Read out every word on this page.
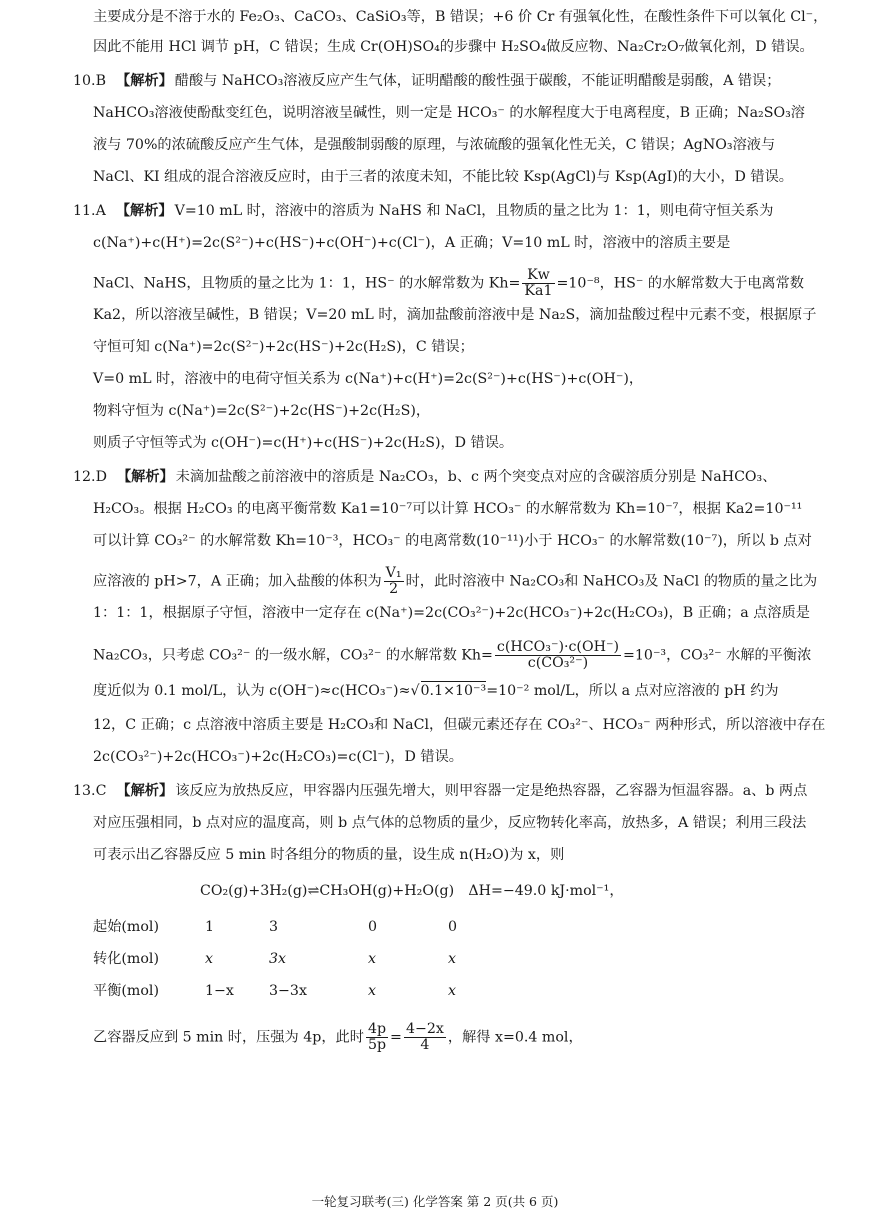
主要成分是不溶于水的 Fe₂O₃、CaCO₃、CaSiO₃等，B 错误；+6 价 Cr 有强氧化性，在酸性条件下可以氧化 Cl⁻，
因此不能用 HCl 调节 pH，C 错误；生成 Cr(OH)SO₄的步骤中 H₂SO₄做反应物、Na₂Cr₂O₇做氧化剂，D 错误。
10.B 【解析】 醋酸与 NaHCO₃溶液反应产生气体，证明醋酸的酸性强于碳酸，不能证明醋酸是弱酸，A 错误；
NaHCO₃溶液使酚酞变红色，说明溶液呈碱性，则一定是 HCO₃⁻ 的水解程度大于电离程度，B 正确；Na₂SO₃溶
液与 70%的浓硫酸反应产生气体，是强酸制弱酸的原理，与浓硫酸的强氧化性无关，C 错误；AgNO₃溶液与
NaCl、KI 组成的混合溶液反应时，由于三者的浓度未知，不能比较 Ksp(AgCl)与 Ksp(AgI)的大小，D 错误。
11.A 【解析】 V=10 mL 时，溶液中的溶质为 NaHS 和 NaCl，且物质的量之比为 1：1，则电荷守恒关系为
c(Na⁺)+c(H⁺)=2c(S²⁻)+c(HS⁻)+c(OH⁻)+c(Cl⁻)，A 正确；V=10 mL 时，溶液中的溶质主要是
NaCl、NaHS，且物质的量之比为 1：1，HS⁻ 的水解常数为 $Kh= \frac{Kw}{Ka1} =10^{-8}$，HS⁻ 的水解常数大于电离常数
Ka2，所以溶液呈碱性，B 错误；V=20 mL 时，滴加盐酸前溶液中是 Na₂S，滴加盐酸过程中元素不变，根据原子
守恒可知 c(Na⁺)=2c(S²⁻)+2c(HS⁻)+2c(H₂S)，C 错误；
V=0 mL 时，溶液中的电荷守恒关系为 c(Na⁺)+c(H⁺)=2c(S²⁻)+c(HS⁻)+c(OH⁻)，
物料守恒为 c(Na⁺)=2c(S²⁻)+2c(HS⁻)+2c(H₂S)，
则质子守恒等式为 c(OH⁻)=c(H⁺)+c(HS⁻)+2c(H₂S)，D 错误。
12.D 【解析】 未滴加盐酸之前溶液中的溶质是 Na₂CO₃，b、c 两个突变点对应的含碳溶质分别是 NaHCO₃、
H₂CO₃。根据 H₂CO₃ 的电离平衡常数 Ka1=10⁻⁷可以计算 HCO₃⁻ 的水解常数为 Kh=10⁻⁷，根据 Ka2=10⁻¹¹
可以计算 CO₃²⁻ 的水解常数 Kh=10⁻³，HCO₃⁻ 的电离常数(10⁻¹¹)小于 HCO₃⁻ 的水解常数(10⁻⁷)，所以 b 点对
应溶液的 pH>7，A 正确；加入盐酸的体积为 $\frac{\text{V₁}}{2}$ 时，此时溶液中 Na₂CO₃和 NaHCO₃及 NaCl 的物质的量之比为
1：1：1，根据原子守恒，溶液中一定存在 c(Na⁺)=2c(CO₃²⁻)+2c(HCO₃⁻)+2c(H₂CO₃)，B 正确；a 点溶质是
Na₂CO₃，只考虑 CO₃²⁻ 的一级水解，CO₃²⁻ 的水解常数 $Kh= \frac{\text{c(HCO₃⁻)·c(OH⁻)}}{\text{c(CO₃²⁻)}} =10^{-3}$，CO₃²⁻ 水解的平衡浓
度近似为 0.1 mol/L，认为 c(OH⁻)≈c(HCO₃⁻)≈√0.1×10⁻³=10⁻² mol/L，所以 a 点对应溶液的 pH 约为
12，C 正确；c 点溶液中溶质主要是 H₂CO₃和 NaCl，但碳元素还存在 CO₃²⁻、HCO₃⁻ 两种形式，所以溶液中存在
2c(CO₃²⁻)+2c(HCO₃⁻)+2c(H₂CO₃)=c(Cl⁻)，D 错误。
13.C 【解析】 该反应为放热反应，甲容器内压强先增大，则甲容器一定是绝热容器，乙容器为恒温容器。a、b 两点
对应压强相同，b 点对应的温度高，则 b 点气体的总物质的量少，反应物转化率高，放热多，A 错误；利用三段法
可表示出乙容器反应 5 min 时各组分的物质的量，设生成 n(H₂O)为 x，则
CO₂(g)+3H₂(g)⇌CH₃OH(g)+H₂O(g)　ΔH=−49.0 kJ·mol⁻¹，
起始(mol)	1	3	0	0
转化(mol)	x	3x	x	x
平衡(mol)	1−x 3−3x	x	x
乙容器反应到 5 min 时，压强为 4p，此时 $\frac{4p}{5p} = \frac{4-2x}{4}$ ，解得 x=0.4 mol，
一轮复习联考(三) 化学答案 第 2 页(共 6 页)
